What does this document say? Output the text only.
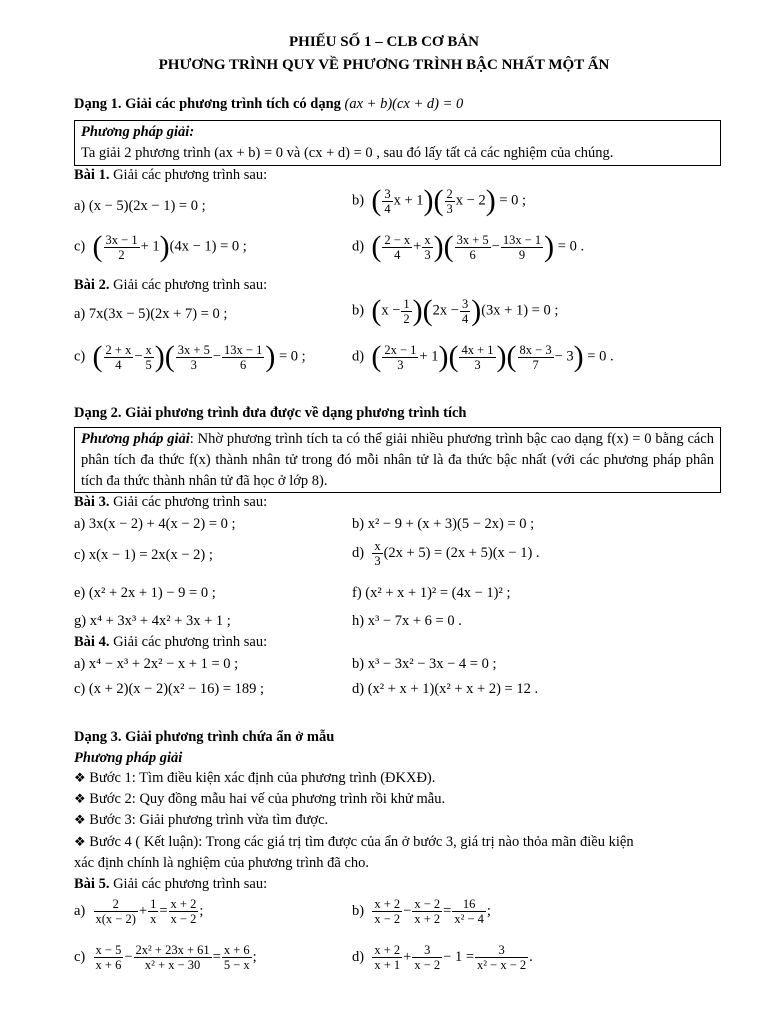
PHIẾU SỐ 1 – CLB CƠ BẢN
PHƯƠNG TRÌNH QUY VỀ PHƯƠNG TRÌNH BẬC NHẤT MỘT ẨN
Dạng 1. Giải các phương trình tích có dạng (ax + b)(cx + d) = 0
Phương pháp giải:
Ta giải 2 phương trình (ax + b) = 0 và (cx + d) = 0 , sau đó lấy tất cả các nghiệm của chúng.
Bài 1. Giải các phương trình sau:
a) (x − 5)(2x − 1) = 0 ;	b)  ( $\frac{3}{4}$ $x + 1)( \frac{2}{3}$ x − 2) = 0 ;
c)  ( $\frac{3x - 1}{2} + 1)(4x - 1) = 0$ ;	d)  ( $\frac{2 - x}{4} + \frac{x}{3}$ )( $\frac{3x + 5}{6} - \frac{13x - 1}{9}$ ) = 0 .
Bài 2. Giải các phương trình sau:
a) 7x(3x − 5)(2x + 7) = 0 ;	b)  $(x - \frac{1}{2} )(2x - \frac{3}{4} )(3x + 1) = 0$ ;
c)  ( $\frac{2 + x}{4} - \frac{x}{5}$ )( $\frac{3x + 5}{3} - \frac{13x - 1}{6}$ ) = 0 ;	d)  ( $\frac{2x - 1}{3} + 1)( \frac{4x + 1}{3}$ )( $\frac{8x - 3}{7} - 3) = 0$ .
Dạng 2. Giải phương trình đưa được về dạng phương trình tích
Phương pháp giải: Nhờ phương trình tích ta có thể giải nhiều phương trình bậc cao dạng f(x) = 0 bằng cách phân tích đa thức f(x) thành nhân tử trong đó mỗi nhân tử là đa thức bậc nhất (với các phương pháp phân tích đa thức thành nhân tử đã học ở lớp 8).
Bài 3. Giải các phương trình sau:
a) 3x(x − 2) + 4(x − 2) = 0 ;	b) x² − 9 + (x + 3)(5 − 2x) = 0 ;
c) x(x − 1) = 2x(x − 2) ;	$d) \frac{x}{3} (2x + 5) = (2x + 5)(x - 1)$ .
e) (x² + 2x + 1) − 9 = 0 ;	f) (x² + x + 1)² = (4x − 1)² ;
g) x⁴ + 3x³ + 4x² + 3x + 1 ;	h) x³ − 7x + 6 = 0 .
Bài 4. Giải các phương trình sau:
a) x⁴ − x³ + 2x² − x + 1 = 0 ;	b) x³ − 3x² − 3x − 4 = 0 ;
c) (x + 2)(x − 2)(x² − 16) = 189 ;	d) (x² + x + 1)(x² + x + 2) = 12 .
Dạng 3. Giải phương trình chứa ẩn ở mẫu
Phương pháp giải
❖ Bước 1: Tìm điều kiện xác định của phương trình (ĐKXĐ).
❖ Bước 2: Quy đồng mẫu hai vế của phương trình rồi khử mẫu.
❖ Bước 3: Giải phương trình vừa tìm được.
❖ Bước 4 ( Kết luận): Trong các giá trị tìm được của ẩn ở bước 3, giá trị nào thỏa mãn điều kiện
xác định chính là nghiệm của phương trình đã cho.
Bài 5. Giải các phương trình sau:
$a) \frac{2}{x(x - 2)} + \frac{1}{x} = \frac{x + 2}{x - 2}$ ;	$b) \frac{x + 2}{x - 2} - \frac{x - 2}{x + 2} = \frac{16}{\text{x² − 4}}$ ;
$c) \frac{x - 5}{x + 6} - \frac{\text{2x² + 23x + 61}}{\text{x² + x − 30}} = \frac{x + 6}{5 - x}$ ;	$d) \frac{x + 2}{x + 1} + \frac{3}{x - 2} - 1 = \frac{3}{\text{x² − x − 2}}$ .
